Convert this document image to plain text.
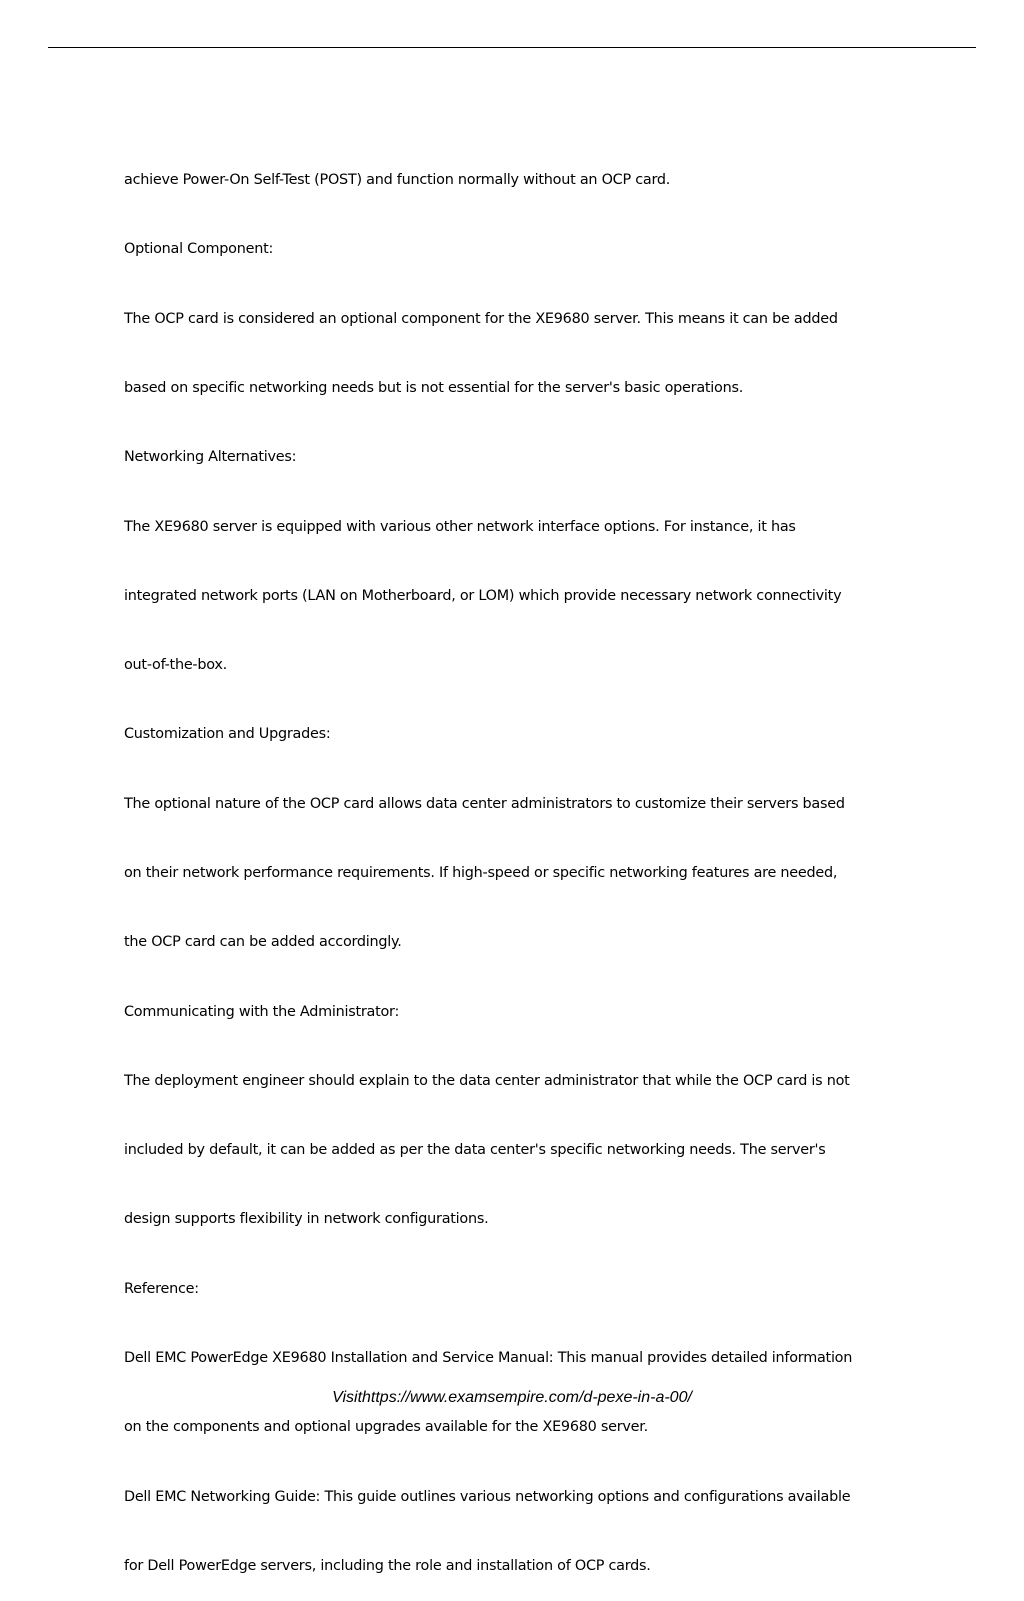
achieve Power-On Self-Test (POST) and function normally without an OCP card.

Optional Component:

The OCP card is considered an optional component for the XE9680 server. This means it can be added

based on specific networking needs but is not essential for the server's basic operations.

Networking Alternatives:

The XE9680 server is equipped with various other network interface options. For instance, it has

integrated network ports (LAN on Motherboard, or LOM) which provide necessary network connectivity

out-of-the-box.

Customization and Upgrades:

The optional nature of the OCP card allows data center administrators to customize their servers based

on their network performance requirements. If high-speed or specific networking features are needed,

the OCP card can be added accordingly.

Communicating with the Administrator:

The deployment engineer should explain to the data center administrator that while the OCP card is not

included by default, it can be added as per the data center's specific networking needs. The server's

design supports flexibility in network configurations.

Reference:

Dell EMC PowerEdge XE9680 Installation and Service Manual: This manual provides detailed information

on the components and optional upgrades available for the XE9680 server.

Dell EMC Networking Guide: This guide outlines various networking options and configurations available

for Dell PowerEdge servers, including the role and installation of OCP cards.

Visithttps://www.examsempire.com/d-pexe-in-a-00/
